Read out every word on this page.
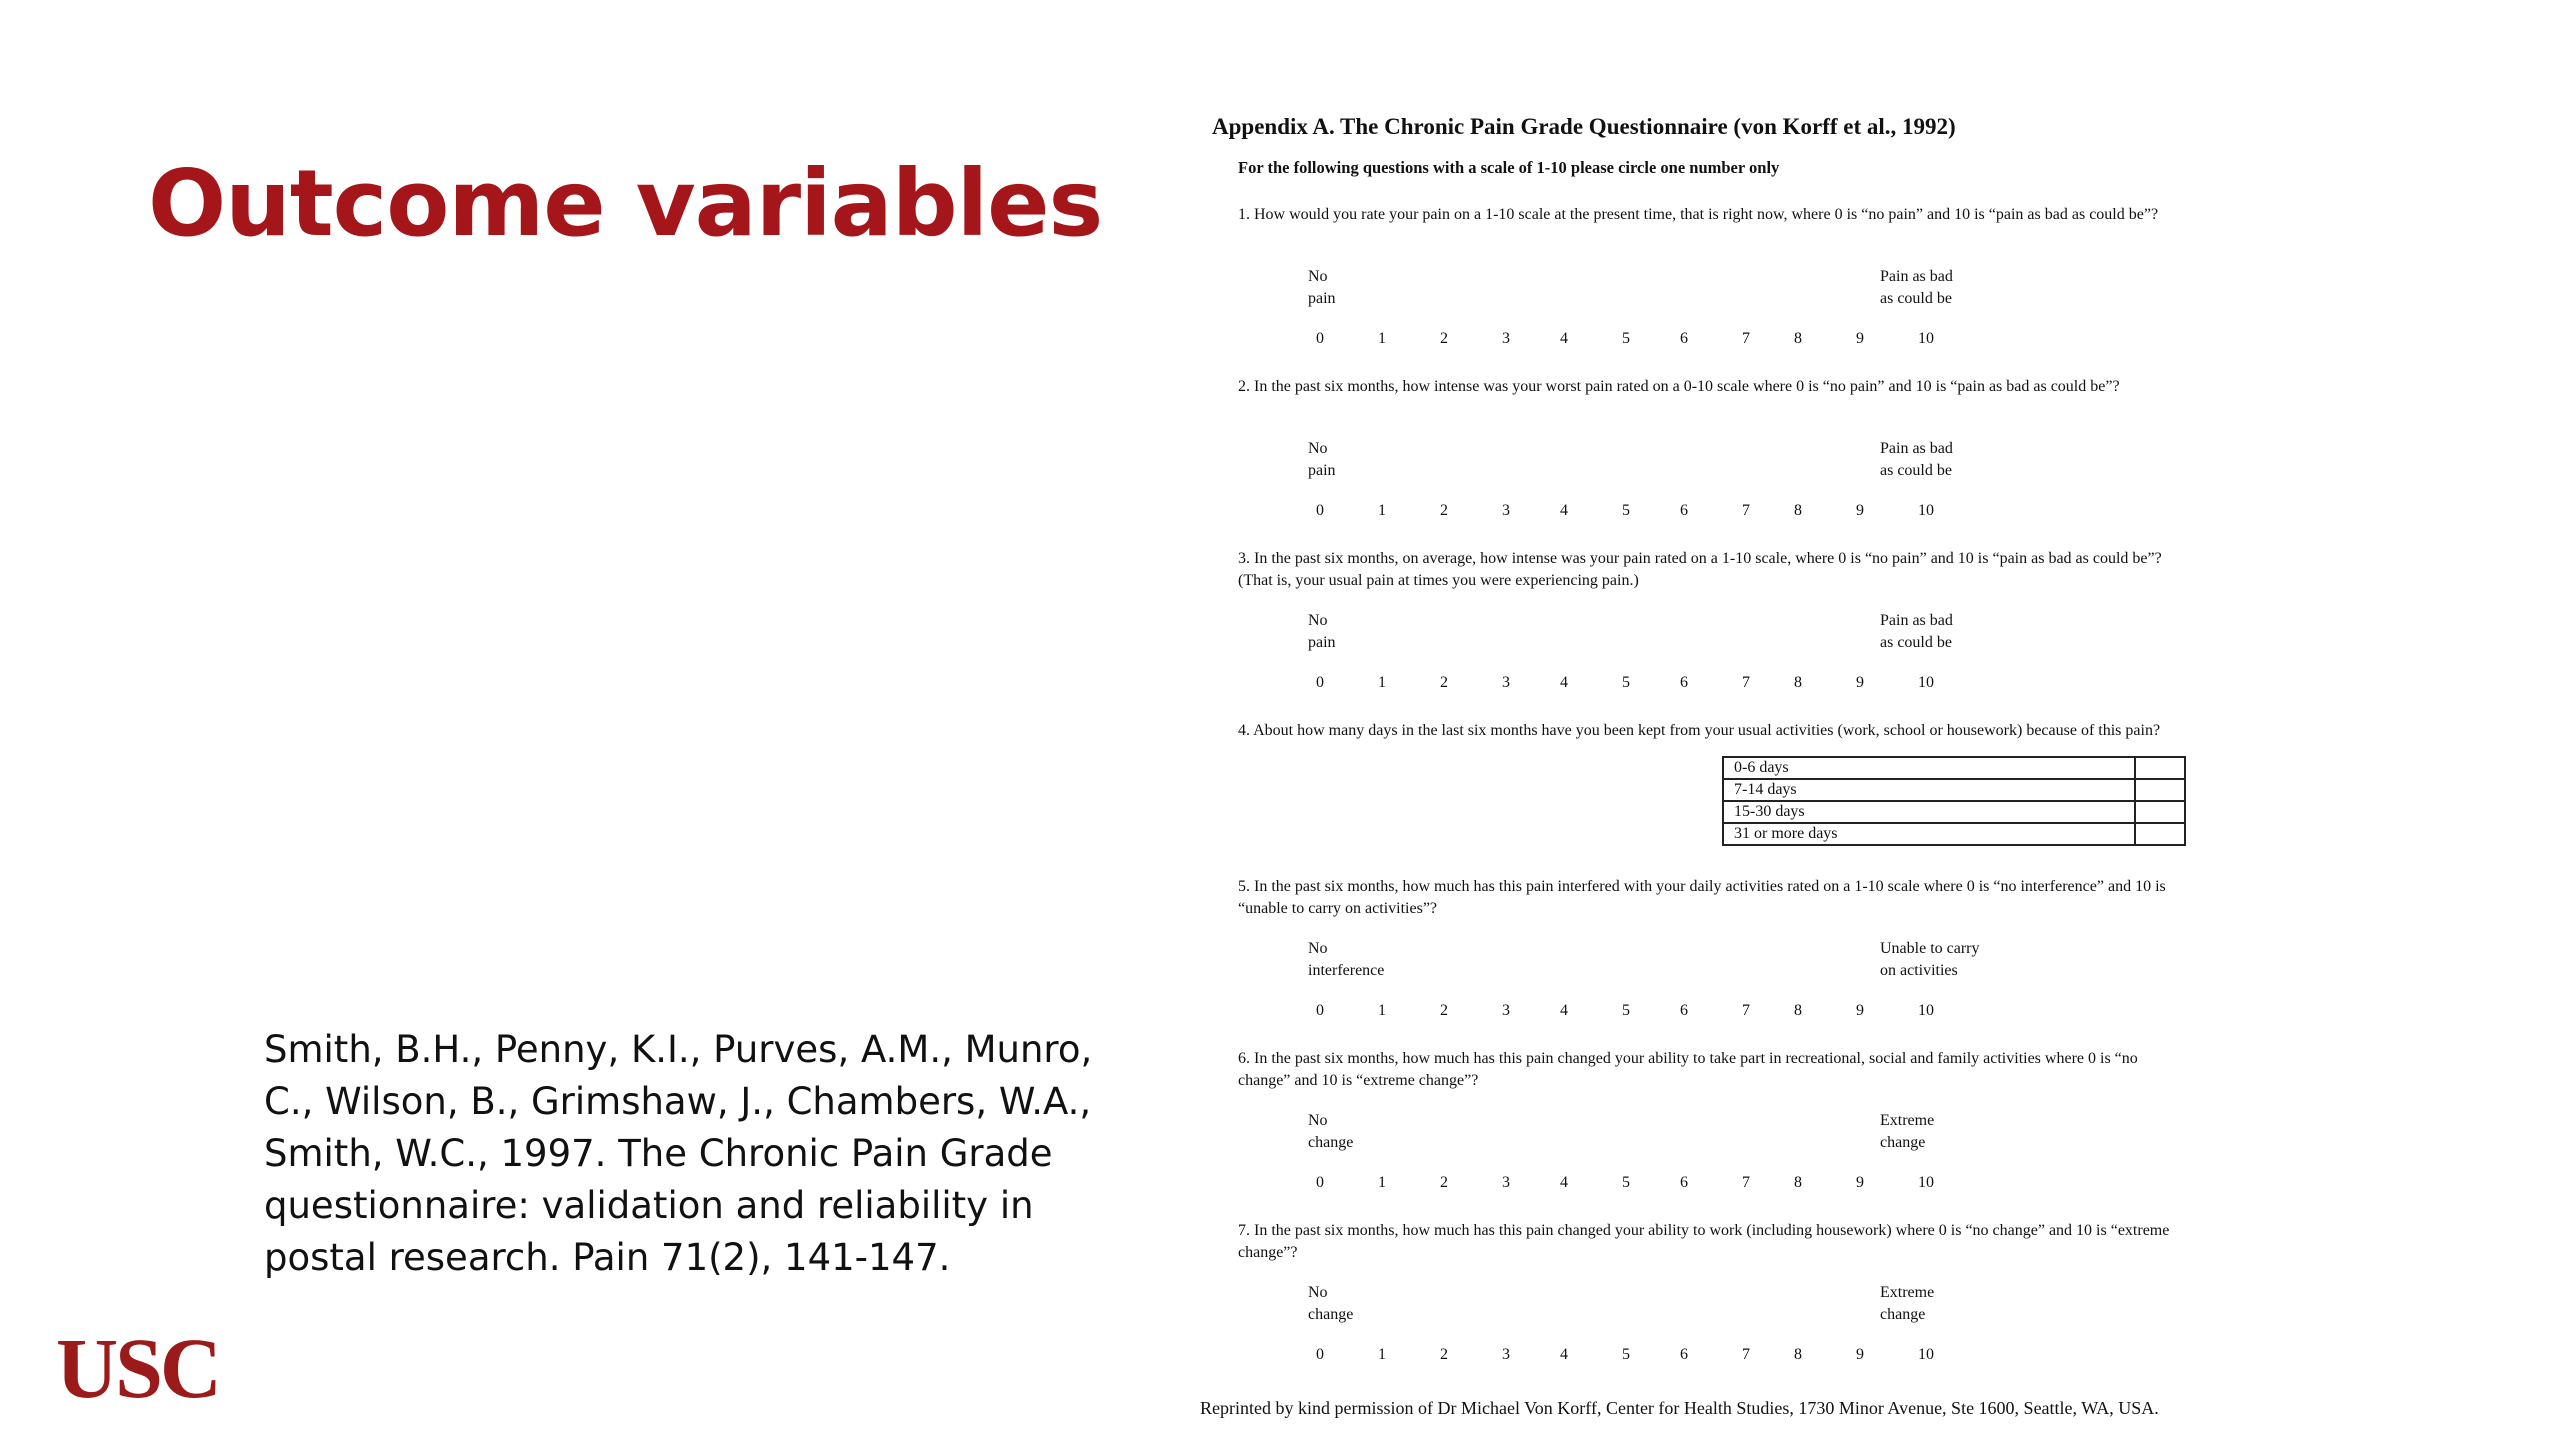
Outcome variables
Smith, B.H., Penny, K.I., Purves, A.M., Munro, C., Wilson, B., Grimshaw, J., Chambers, W.A., Smith, W.C., 1997. The Chronic Pain Grade questionnaire: validation and reliability in postal research. Pain 71(2), 141-147.
USC
Appendix A. The Chronic Pain Grade Questionnaire (von Korff et al., 1992)
For the following questions with a scale of 1-10 please circle one number only
1. How would you rate your pain on a 1-10 scale at the present time, that is right now, where 0 is “no pain” and 10 is “pain as bad as could be”?
No
pain
Pain as bad
as could be
0	1	2	3	4	5	6	7	8	9	10
2. In the past six months, how intense was your worst pain rated on a 0-10 scale where 0 is “no pain” and 10 is “pain as bad as could be”?
No
pain
Pain as bad
as could be
0	1	2	3	4	5	6	7	8	9	10
3. In the past six months, on average, how intense was your pain rated on a 1-10 scale, where 0 is “no pain” and 10 is “pain as bad as could be”? (That is, your usual pain at times you were experiencing pain.)
No
pain
Pain as bad
as could be
0	1	2	3	4	5	6	7	8	9	10
4. About how many days in the last six months have you been kept from your usual activities (work, school or housework) because of this pain?
0-6 days	
7-14 days	
15-30 days	
31 or more days	
5. In the past six months, how much has this pain interfered with your daily activities rated on a 1-10 scale where 0 is “no interference” and 10 is “unable to carry on activities”?
No
interference
Unable to carry
on activities
0	1	2	3	4	5	6	7	8	9	10
6. In the past six months, how much has this pain changed your ability to take part in recreational, social and family activities where 0 is “no change” and 10 is “extreme change”?
No
change
Extreme
change
0	1	2	3	4	5	6	7	8	9	10
7. In the past six months, how much has this pain changed your ability to work (including housework) where 0 is “no change” and 10 is “extreme change”?
No
change
Extreme
change
0	1	2	3	4	5	6	7	8	9	10
Reprinted by kind permission of Dr Michael Von Korff, Center for Health Studies, 1730 Minor Avenue, Ste 1600, Seattle, WA, USA.
